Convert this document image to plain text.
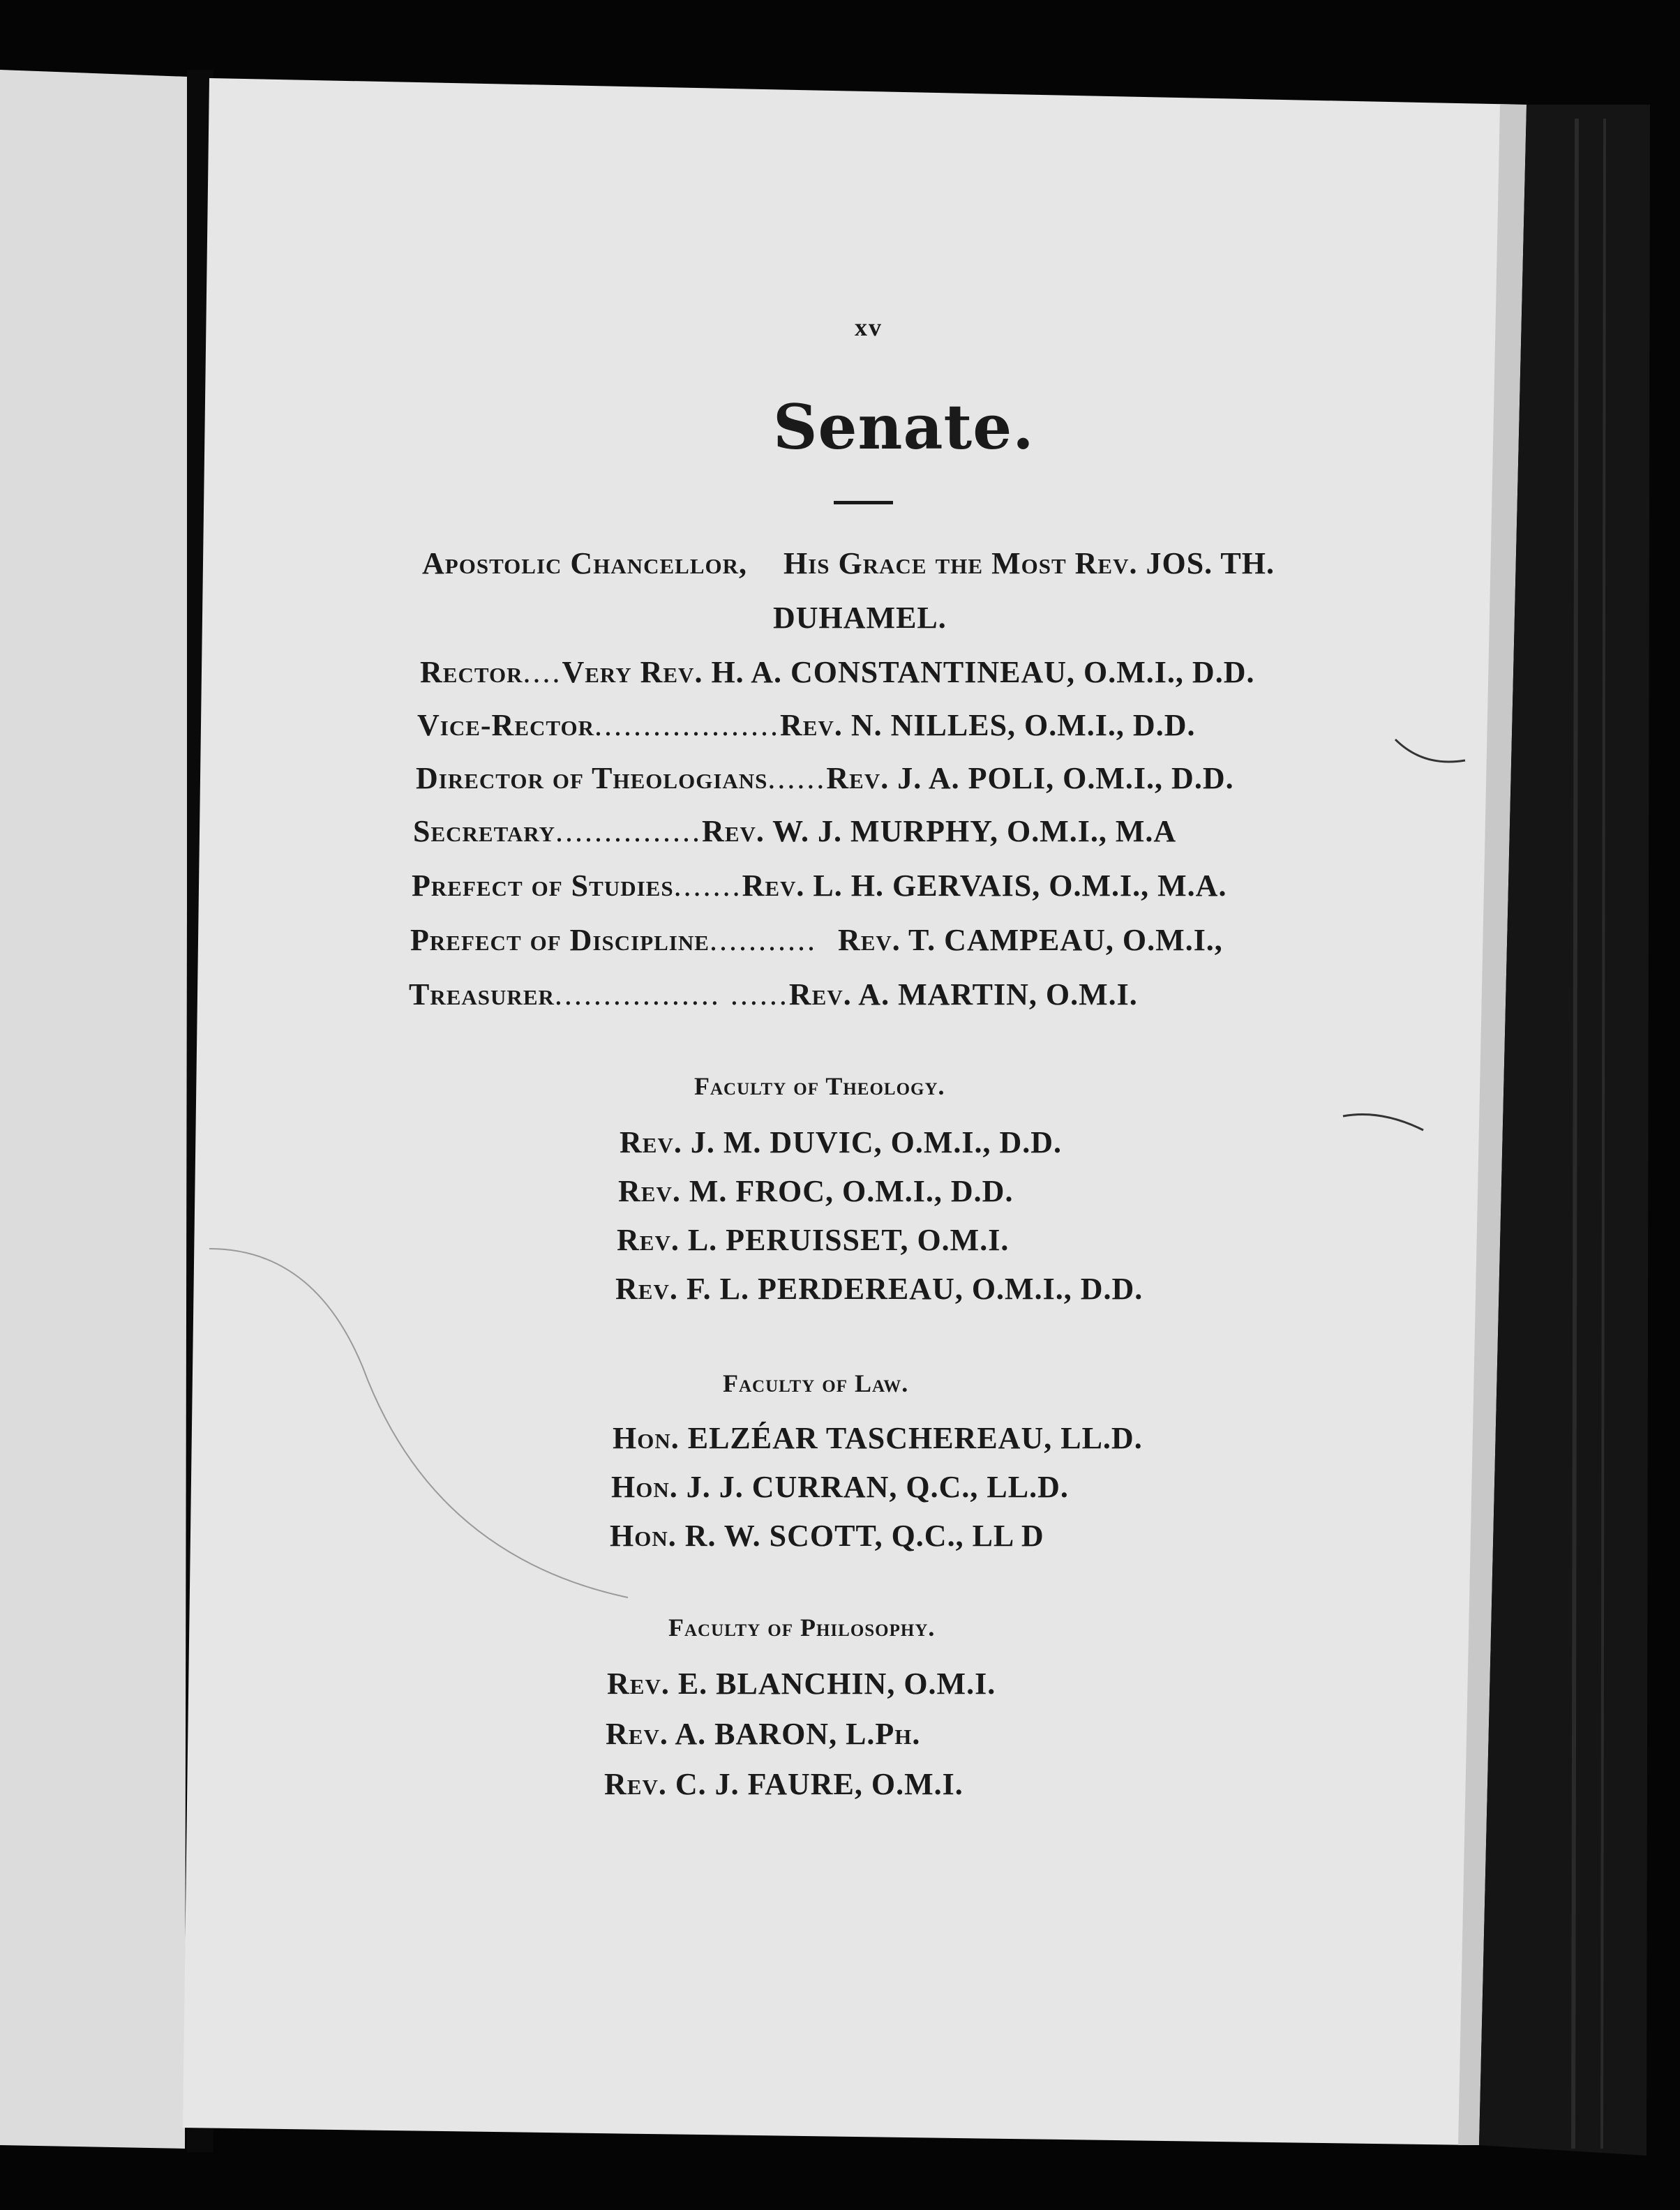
xv
Senate.
Apostolic Chancellor, His Grace the Most Rev. JOS. TH.
DUHAMEL.
Rector....Very Rev. H. A. CONSTANTINEAU, O.M.I., D.D.
Vice-Rector...................Rev. N. NILLES, O.M.I., D.D.
Director of Theologians......Rev. J. A. POLI, O.M.I., D.D.
Secretary...............Rev. W. J. MURPHY, O.M.I., M.A
Prefect of Studies.......Rev. L. H. GERVAIS, O.M.I., M.A.
Prefect of Discipline........... Rev. T. CAMPEAU, O.M.I.,
Treasurer................. ......Rev. A. MARTIN, O.M.I.
Faculty of Theology.
Rev. J. M. DUVIC, O.M.I., D.D.
Rev. M. FROC, O.M.I., D.D.
Rev. L. PERUISSET, O.M.I.
Rev. F. L. PERDEREAU, O.M.I., D.D.
Faculty of Law.
Hon. ELZÉAR TASCHEREAU, LL.D.
Hon. J. J. CURRAN, Q.C., LL.D.
Hon. R. W. SCOTT, Q.C., LL D
Faculty of Philosophy.
Rev. E. BLANCHIN, O.M.I.
Rev. A. BARON, L.Ph.
Rev. C. J. FAURE, O.M.I.
